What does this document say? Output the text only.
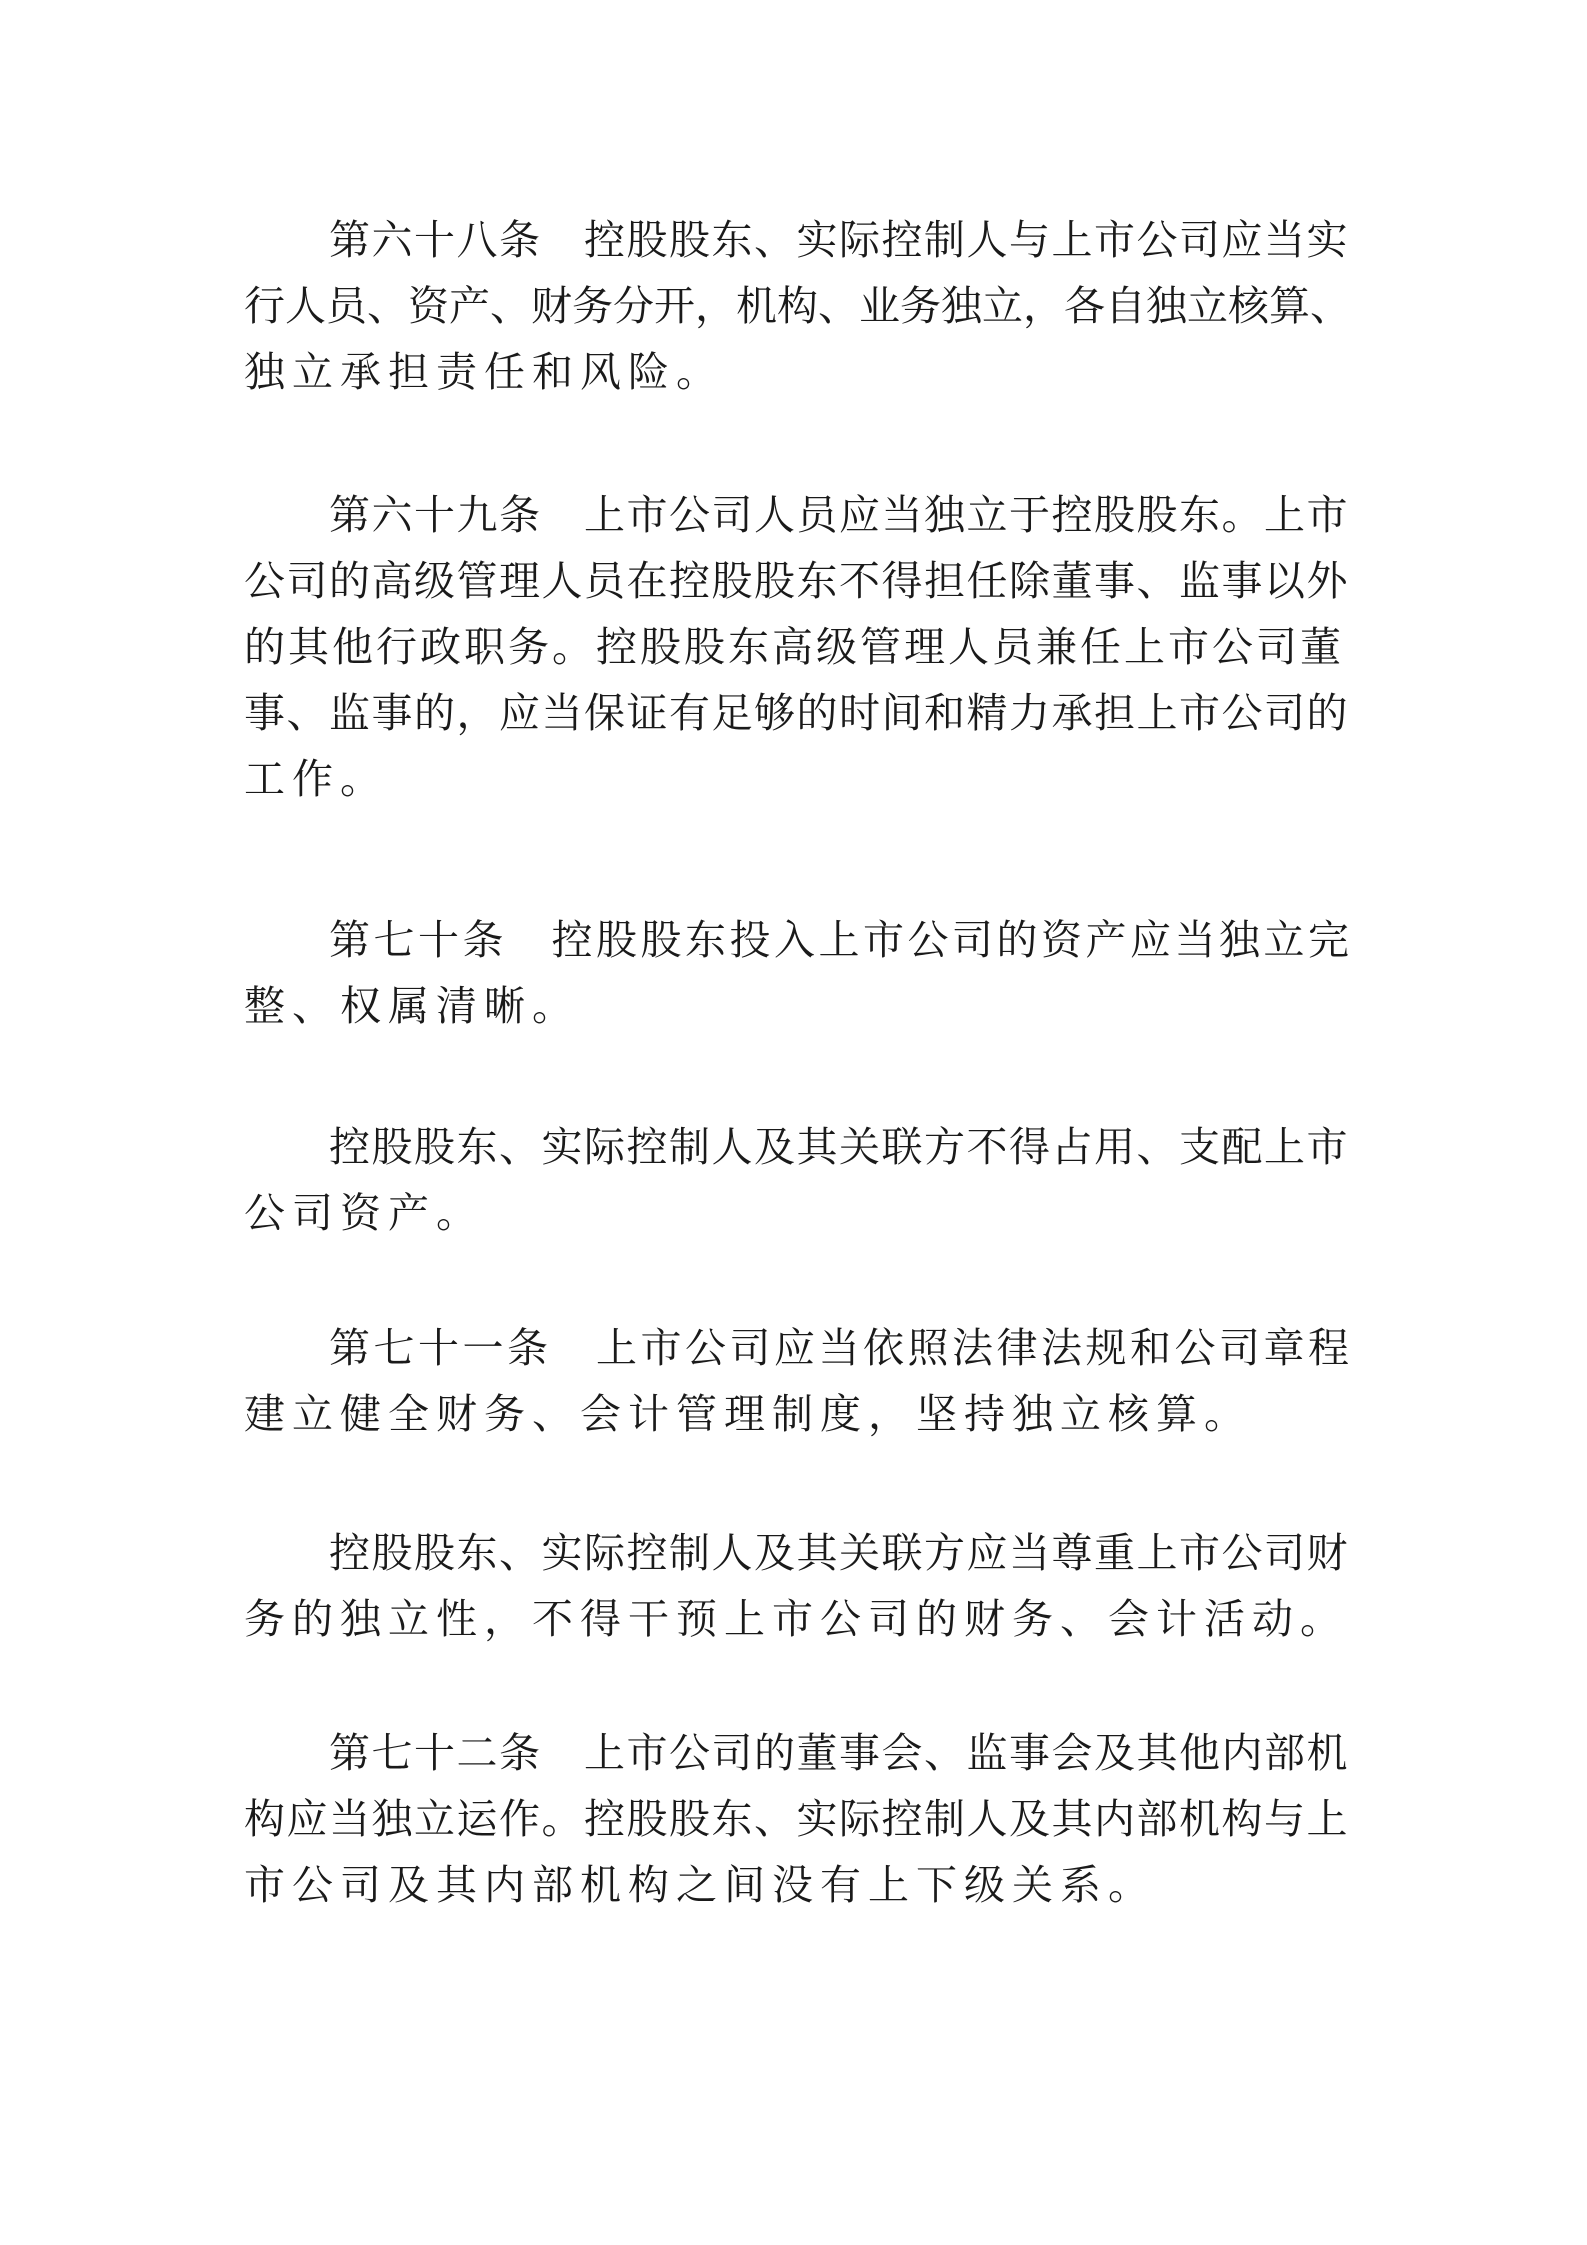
第六十八条　控股股东、实际控制人与上市公司应当实
行人员、资产、财务分开，机构、业务独立，各自独立核算、
独立承担责任和风险。
第六十九条　上市公司人员应当独立于控股股东。上市
公司的高级管理人员在控股股东不得担任除董事、监事以外
的其他行政职务。控股股东高级管理人员兼任上市公司董
事、监事的，应当保证有足够的时间和精力承担上市公司的
工作。
第七十条　控股股东投入上市公司的资产应当独立完
整、权属清晰。
控股股东、实际控制人及其关联方不得占用、支配上市
公司资产。
第七十一条　上市公司应当依照法律法规和公司章程
建立健全财务、会计管理制度，坚持独立核算。
控股股东、实际控制人及其关联方应当尊重上市公司财
务的独立性，不得干预上市公司的财务、会计活动。
第七十二条　上市公司的董事会、监事会及其他内部机
构应当独立运作。控股股东、实际控制人及其内部机构与上
市公司及其内部机构之间没有上下级关系。
